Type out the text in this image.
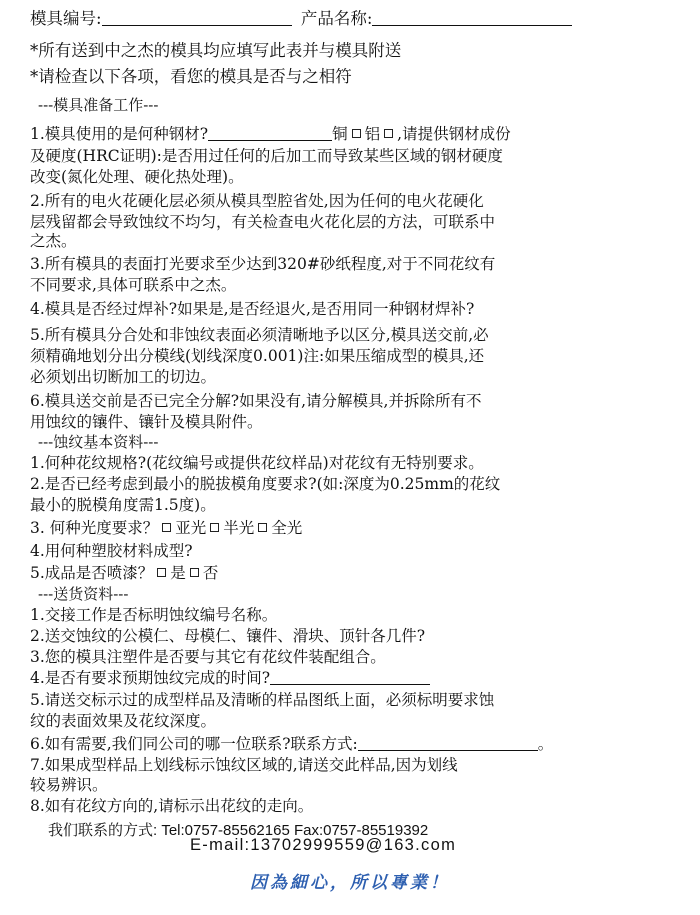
模具编号:	产品名称:
*所有送到中之杰的模具均应填写此表并与模具附送
*请检查以下各项，看您的模具是否与之相符
---模具准备工作---
1.模具使用的是何种钢材?	铜 铝 ,请提供钢材成份
及硬度(HRC证明):是否用过任何的后加工而导致某些区域的钢材硬度
改变(氮化处理、硬化热处理)。
2.所有的电火花硬化层必须从模具型腔省处,因为任何的电火花硬化
层残留都会导致蚀纹不均匀，有关检查电火花化层的方法，可联系中
之杰。
3.所有模具的表面打光要求至少达到320#砂纸程度,对于不同花纹有
不同要求,具体可联系中之杰。
4.模具是否经过焊补?如果是,是否经退火,是否用同一种钢材焊补?
5.所有模具分合处和非蚀纹表面必须清晰地予以区分,模具送交前,必
须精确地划分出分模线(划线深度0.001)注:如果压缩成型的模具,还
必须划出切断加工的切边。
6.模具送交前是否已完全分解?如果没有,请分解模具,并拆除所有不
用蚀纹的镶件、镶针及模具附件。
---蚀纹基本资料---
1.何种花纹规格?(花纹编号或提供花纹样品)对花纹有无特别要求。
2.是否已经考虑到最小的脱拔模角度要求?(如:深度为0.25mm的花纹
最小的脱模角度需1.5度)。
3. 何种光度要求？ 亚光 半光 全光
4.用何种塑胶材料成型?
5.成品是否喷漆？ 是 否
---送货资料---
1.交接工作是否标明蚀纹编号名称。
2.送交蚀纹的公模仁、母模仁、镶件、滑块、顶针各几件?
3.您的模具注塑件是否要与其它有花纹件装配组合。
4.是否有要求预期蚀纹完成的时间?
5.请送交标示过的成型样品及清晰的样品图纸上面，必须标明要求蚀
纹的表面效果及花纹深度。
6.如有需要,我们同公司的哪一位联系?联系方式:	。
7.如果成型样品上划线标示蚀纹区域的,请送交此样品,因为划线
较易辨识。
8.如有花纹方向的,请标示出花纹的走向。
我们联系的方式: Tel:0757-85562165 Fax:0757-85519392
E-mail:13702999559@163.com
因為細心，所以專業！
